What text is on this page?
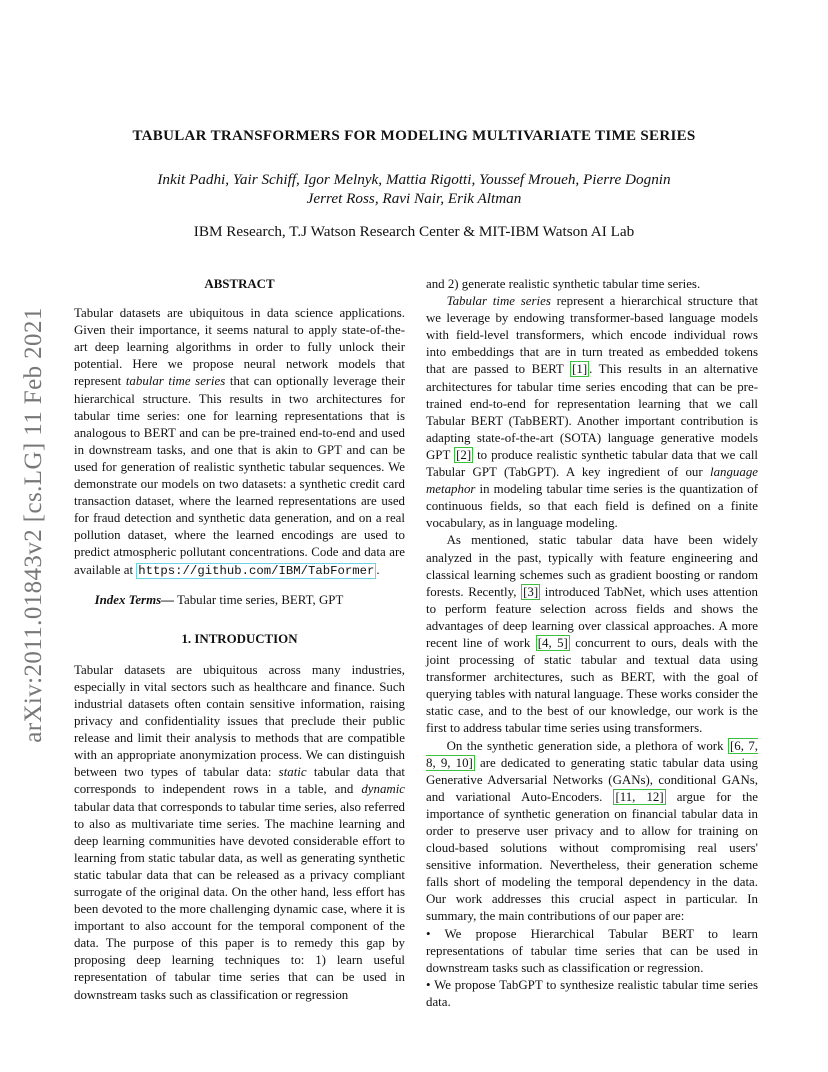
arXiv:2011.01843v2 [cs.LG] 11 Feb 2021
TABULAR TRANSFORMERS FOR MODELING MULTIVARIATE TIME SERIES
Inkit Padhi, Yair Schiff, Igor Melnyk, Mattia Rigotti, Youssef Mroueh, Pierre Dognin
Jerret Ross, Ravi Nair, Erik Altman
IBM Research, T.J Watson Research Center & MIT-IBM Watson AI Lab
ABSTRACT

Tabular datasets are ubiquitous in data science applications. Given their importance, it seems natural to apply state-of-the-art deep learning algorithms in order to fully unlock their potential. Here we propose neural network models that represent tabular time series that can optionally leverage their hierarchical structure. This results in two architectures for tabular time series: one for learning representations that is analogous to BERT and can be pre-trained end-to-end and used in downstream tasks, and one that is akin to GPT and can be used for generation of realistic synthetic tabular sequences. We demonstrate our models on two datasets: a synthetic credit card transaction dataset, where the learned representations are used for fraud detection and synthetic data generation, and on a real pollution dataset, where the learned encodings are used to predict atmospheric pollutant concentrations. Code and data are available at https://github.com/IBM/TabFormer .

Index Terms— Tabular time series, BERT, GPT

1. INTRODUCTION

Tabular datasets are ubiquitous across many industries, especially in vital sectors such as healthcare and finance. Such industrial datasets often contain sensitive information, raising privacy and confidentiality issues that preclude their public release and limit their analysis to methods that are compatible with an appropriate anonymization process. We can distinguish between two types of tabular data: static tabular data that corresponds to independent rows in a table, and dynamic tabular data that corresponds to tabular time series, also referred to also as multivariate time series. The machine learning and deep learning communities have devoted considerable effort to learning from static tabular data, as well as generating synthetic static tabular data that can be released as a privacy compliant surrogate of the original data. On the other hand, less effort has been devoted to the more challenging dynamic case, where it is important to also account for the temporal component of the data. The purpose of this paper is to remedy this gap by proposing deep learning techniques to: 1) learn useful representation of tabular time series that can be used in downstream tasks such as classification or regression

and 2) generate realistic synthetic tabular time series.

Tabular time series represent a hierarchical structure that we leverage by endowing transformer-based language models with field-level transformers, which encode individual rows into embeddings that are in turn treated as embedded tokens that are passed to BERT [1] . This results in an alternative architectures for tabular time series encoding that can be pre-trained end-to-end for representation learning that we call Tabular BERT (TabBERT). Another important contribution is adapting state-of-the-art (SOTA) language generative models GPT [2] to produce realistic synthetic tabular data that we call Tabular GPT (TabGPT). A key ingredient of our language metaphor in modeling tabular time series is the quantization of continuous fields, so that each field is defined on a finite vocabulary, as in language modeling.

As mentioned, static tabular data have been widely analyzed in the past, typically with feature engineering and classical learning schemes such as gradient boosting or random forests. Recently, [3] introduced TabNet, which uses attention to perform feature selection across fields and shows the advantages of deep learning over classical approaches. A more recent line of work [4, 5] concurrent to ours, deals with the joint processing of static tabular and textual data using transformer architectures, such as BERT, with the goal of querying tables with natural language. These works consider the static case, and to the best of our knowledge, our work is the first to address tabular time series using transformers.

On the synthetic generation side, a plethora of work [6, 7, 8, 9, 10] are dedicated to generating static tabular data using Generative Adversarial Networks (GANs), conditional GANs, and variational Auto-Encoders. [11, 12] argue for the importance of synthetic generation on financial tabular data in order to preserve user privacy and to allow for training on cloud-based solutions without compromising real users' sensitive information. Nevertheless, their generation scheme falls short of modeling the temporal dependency in the data. Our work addresses this crucial aspect in particular. In summary, the main contributions of our paper are:

• We propose Hierarchical Tabular BERT to learn representations of tabular time series that can be used in downstream tasks such as classification or regression.

• We propose TabGPT to synthesize realistic tabular time series data.
